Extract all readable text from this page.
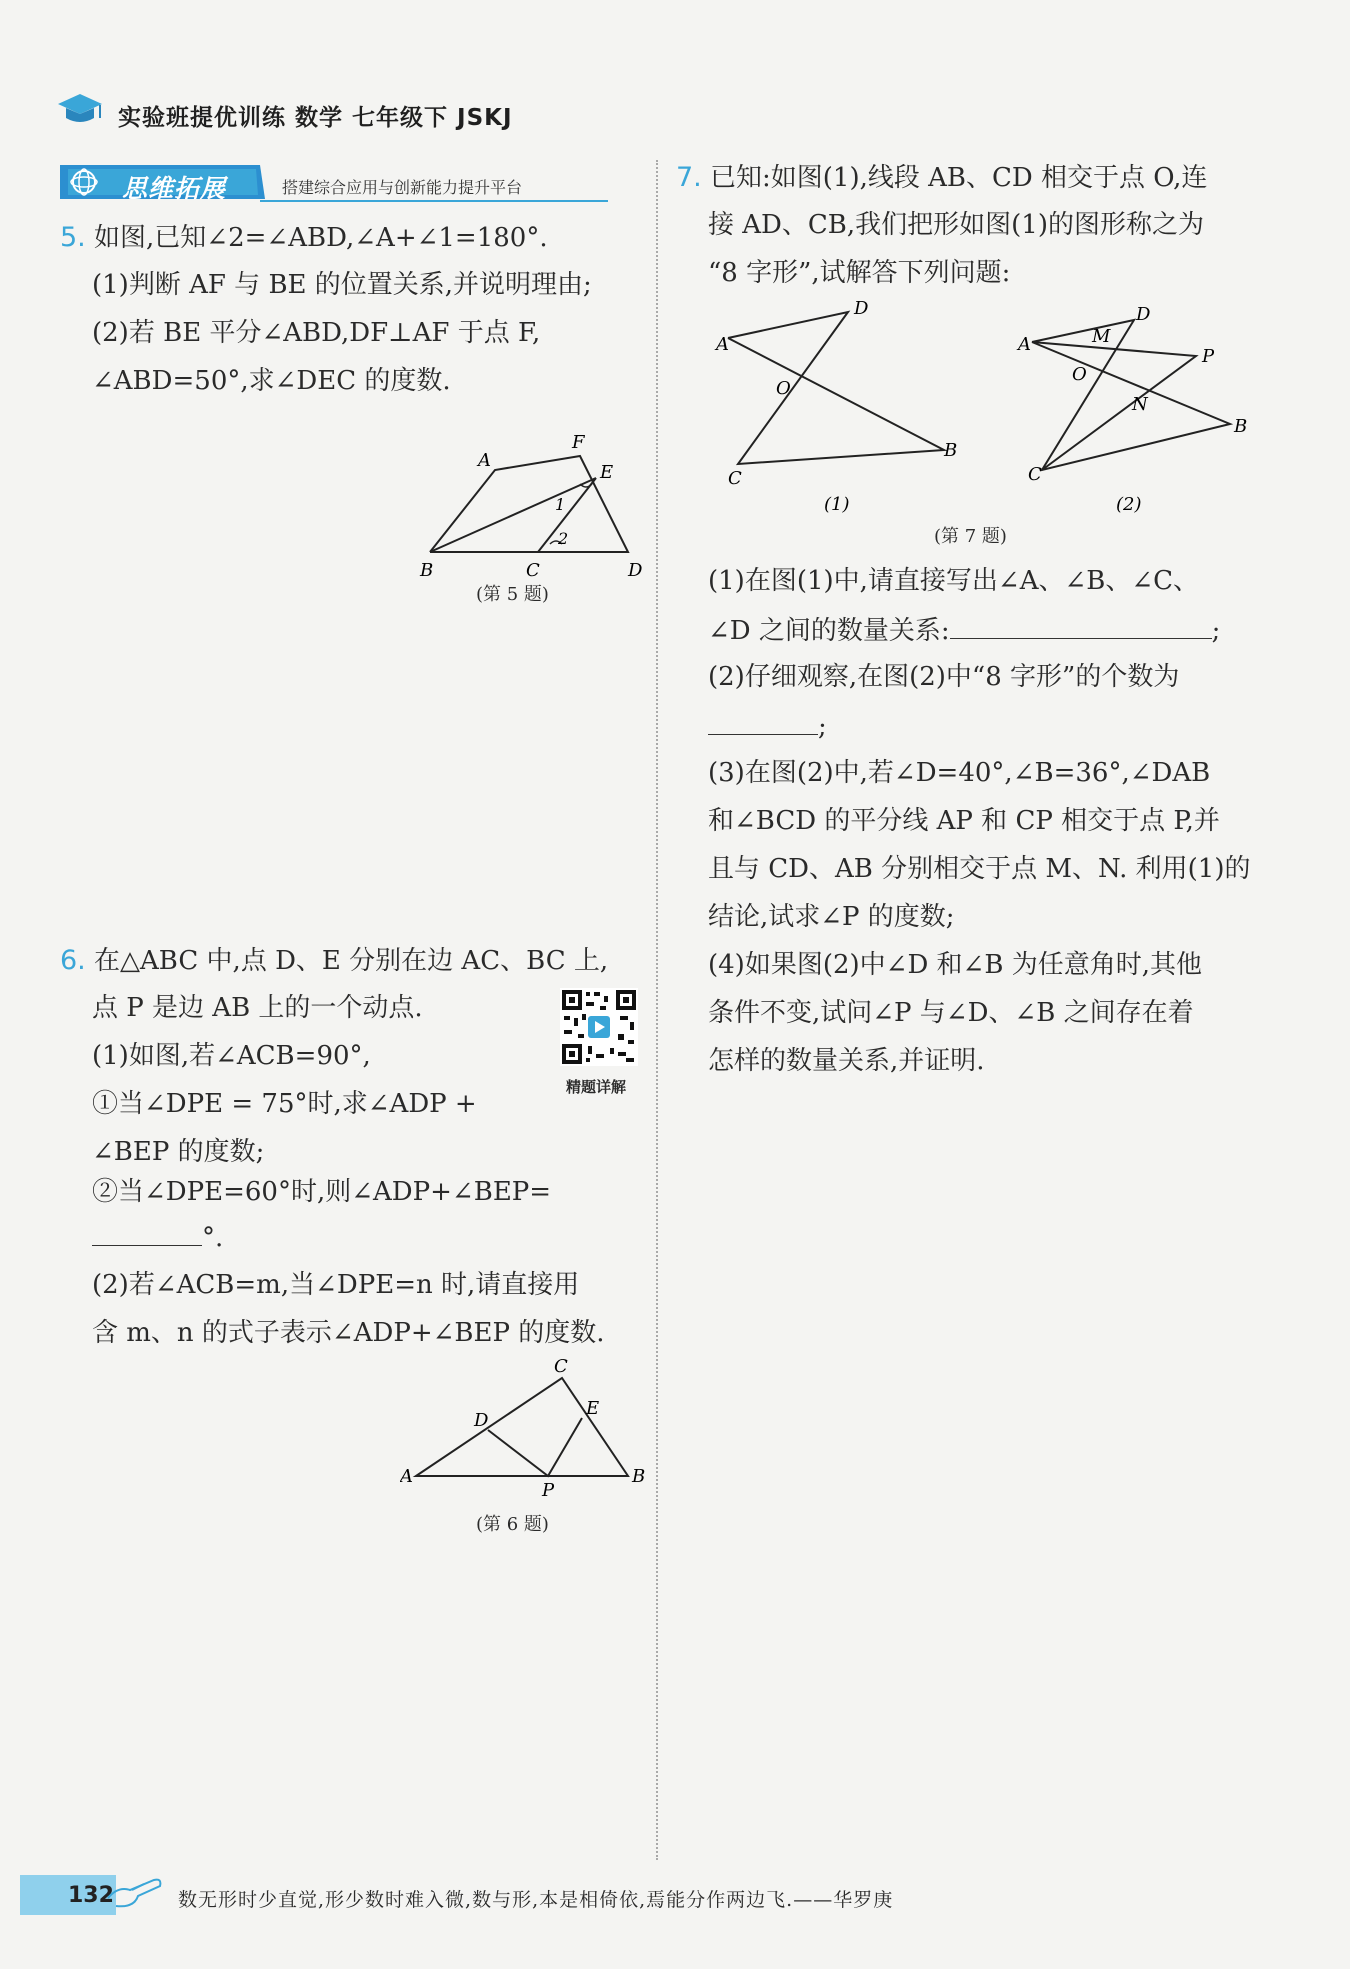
实验班提优训练 数学 七年级下 JSKJ
思维拓展	搭建综合应用与创新能力提升平台
5. 如图,已知∠2=∠ABD,∠A+∠1=180°.
(1)判断 AF 与 BE 的位置关系,并说明理由;
(2)若 BE 平分∠ABD,DF⊥AF 于点 F,
∠ABD=50°,求∠DEC 的度数.
A
B	C	D
E
F
1
2
(第 5 题)
6. 在△ABC 中,点 D、E 分别在边 AC、BC 上,
点 P 是边 AB 上的一个动点.
(1)如图,若∠ACB=90°,
①当∠DPE = 75°时,求∠ADP +
∠BEP 的度数;
②当∠DPE=60°时,则∠ADP+∠BEP=
°.
(2)若∠ACB=m,当∠DPE=n 时,请直接用
含 m、n 的式子表示∠ADP+∠BEP 的度数.
精题详解
A	B
C
D
E
P
(第 6 题)
7. 已知:如图(1),线段 AB、CD 相交于点 O,连
接 AD、CB,我们把形如图(1)的图形称之为
“8 字形”,试解答下列问题:
A
B
C
D
O
(1)
A
B
C
D
O
M
N
P
(2)
(第 7 题)
(1)在图(1)中,请直接写出∠A、∠B、∠C、
∠D 之间的数量关系:	;
(2)仔细观察,在图(2)中“8 字形”的个数为
;
(3)在图(2)中,若∠D=40°,∠B=36°,∠DAB
和∠BCD 的平分线 AP 和 CP 相交于点 P,并
且与 CD、AB 分别相交于点 M、N. 利用(1)的
结论,试求∠P 的度数;
(4)如果图(2)中∠D 和∠B 为任意角时,其他
条件不变,试问∠P 与∠D、∠B 之间存在着
怎样的数量关系,并证明.
132	数无形时少直觉,形少数时难入微,数与形,本是相倚依,焉能分作两边飞.——华罗庚
